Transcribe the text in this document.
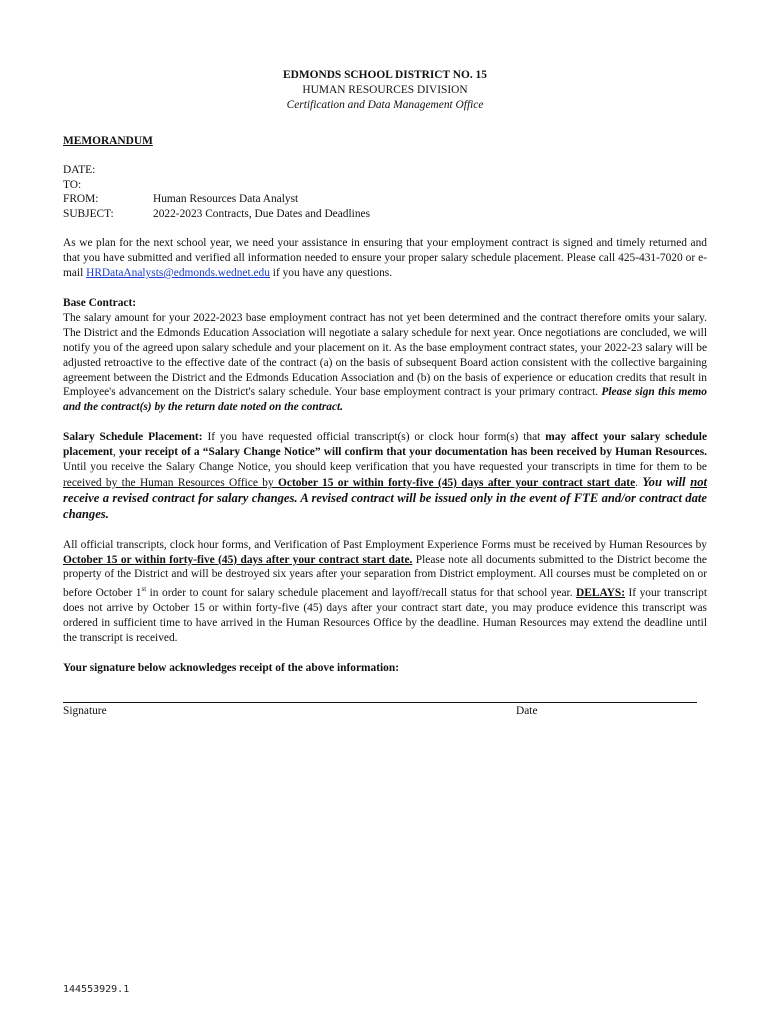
EDMONDS SCHOOL DISTRICT NO. 15
HUMAN RESOURCES DIVISION
Certification and Data Management Office
MEMORANDUM
DATE:
TO:
FROM:	Human Resources Data Analyst
SUBJECT:	2022-2023 Contracts, Due Dates and Deadlines

As we plan for the next school year, we need your assistance in ensuring that your employment contract is signed and timely returned and that you have submitted and verified all information needed to ensure your proper salary schedule placement. Please call 425-431-7020 or e-mail HRDataAnalysts@edmonds.wednet.edu if you have any questions.

Base Contract:
The salary amount for your 2022-2023 base employment contract has not yet been determined and the contract therefore omits your salary. The District and the Edmonds Education Association will negotiate a salary schedule for next year. Once negotiations are concluded, we will notify you of the agreed upon salary schedule and your placement on it. As the base employment contract states, your 2022-23 salary will be adjusted retroactive to the effective date of the contract (a) on the basis of subsequent Board action consistent with the collective bargaining agreement between the District and the Edmonds Education Association and (b) on the basis of experience or education credits that result in Employee's advancement on the District's salary schedule. Your base employment contract is your primary contract. Please sign this memo and the contract(s) by the return date noted on the contract.

Salary Schedule Placement: If you have requested official transcript(s) or clock hour form(s) that may affect your salary schedule placement, your receipt of a “Salary Change Notice” will confirm that your documentation has been received by Human Resources. Until you receive the Salary Change Notice, you should keep verification that you have requested your transcripts in time for them to be received by the Human Resources Office by October 15 or within forty-five (45) days after your contract start date. You will not receive a revised contract for salary changes. A revised contract will be issued only in the event of FTE and/or contract date changes.

All official transcripts, clock hour forms, and Verification of Past Employment Experience Forms must be received by Human Resources by October 15 or within forty-five (45) days after your contract start date. Please note all documents submitted to the District become the property of the District and will be destroyed six years after your separation from District employment. All courses must be completed on or before October 1st in order to count for salary schedule placement and layoff/recall status for that school year. DELAYS: If your transcript does not arrive by October 15 or within forty-five (45) days after your contract start date, you may produce evidence this transcript was ordered in sufficient time to have arrived in the Human Resources Office by the deadline. Human Resources may extend the deadline until the transcript is received.

Your signature below acknowledges receipt of the above information:
Signature	Date
144553929.1
